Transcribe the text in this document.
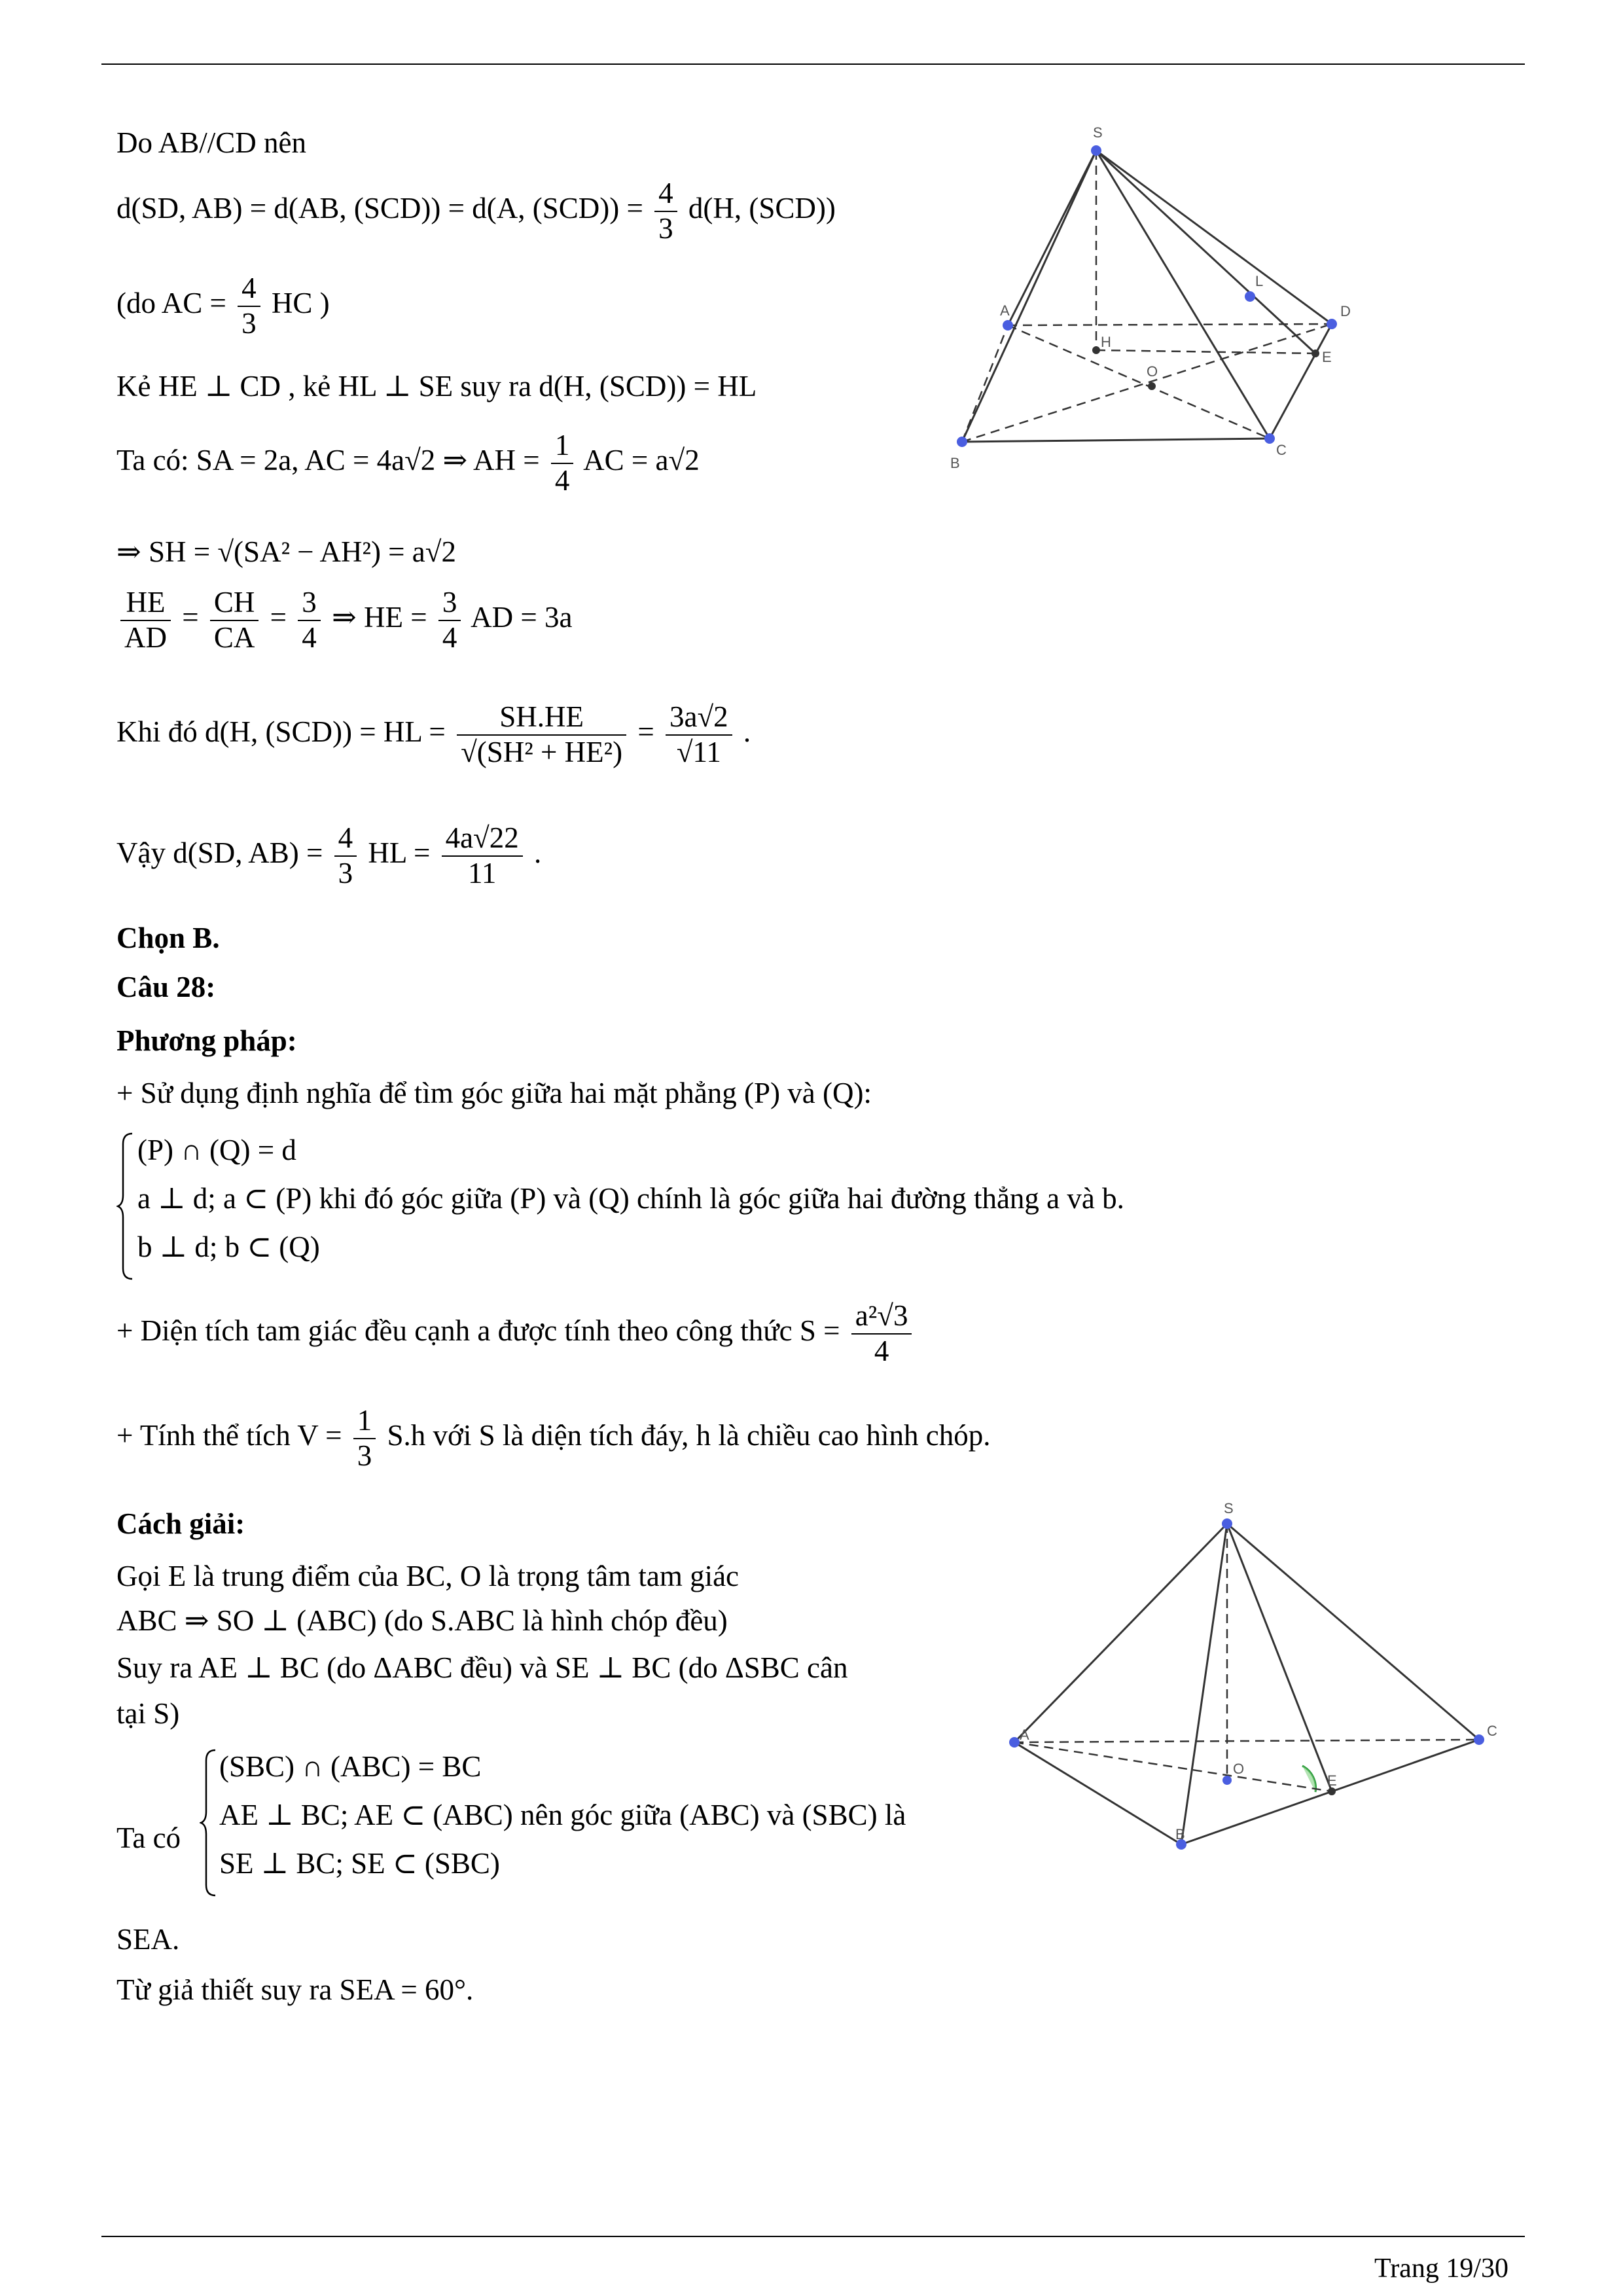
Do AB//CD nên
d(SD, AB) = d(AB, (SCD)) = d(A, $(SCD)) = \frac{4}{3} d(H$, (SCD))
(do AC = $\frac{4}{3}$ HC )
Kẻ HE ⊥ CD , kẻ HL ⊥ SE suy ra d(H, (SCD)) = HL
Ta có: SA = 2a, AC = 4a√2 ⇒ AH = $\frac{1}{4}$ AC = a√2
⇒ SH = √(SA² − AH²) = a√2
$\frac{HE}{AD} = \frac{CH}{CA} = \frac{3}{4}$ ⇒ HE = $\frac{3}{4}$ AD = 3a
Khi đó d(H, (SCD)) = HL = $\frac{SH.HE}{\text{√(SH² + HE²)}} = \frac{3a√2}{√11}$ .
Vậy d(SD, $AB) = \frac{4}{3}$ HL = $\frac{4a√22}{11}$ .
Chọn B.
Câu 28:
Phương pháp:
+ Sử dụng định nghĩa để tìm góc giữa hai mặt phẳng (P) và (Q):
(P) ∩ (Q) = d
a ⊥ d; a ⊂ (P) khi đó góc giữa (P) và (Q) chính là góc giữa hai đường thẳng a và b.
b ⊥ d; b ⊂ (Q)
+ Diện tích tam giác đều cạnh a được tính theo công thức $S = \frac{\text{a²√3}}{4}$
+ Tính thể tích $V = \frac{1}{3} S.h$ với S là diện tích đáy, h là chiều cao hình chóp.
Cách giải:
Gọi E là trung điểm của BC, O là trọng tâm tam giác
ABC ⇒ SO ⊥ (ABC) (do S.ABC là hình chóp đều)
Suy ra AE ⊥ BC (do ΔABC đều) và SE ⊥ BC (do ΔSBC cân
tại S)
Ta có
(SBC) ∩ (ABC) = BC
AE ⊥ BC; AE ⊂ (ABC) nên góc giữa (ABC) và (SBC) là
SE ⊥ BC; SE ⊂ (SBC)
SEA.
Từ giả thiết suy ra SEA = 60°.
S
A
H
L
D
O
E
B
C
S
A	C
O
E
B
Trang 19/30
